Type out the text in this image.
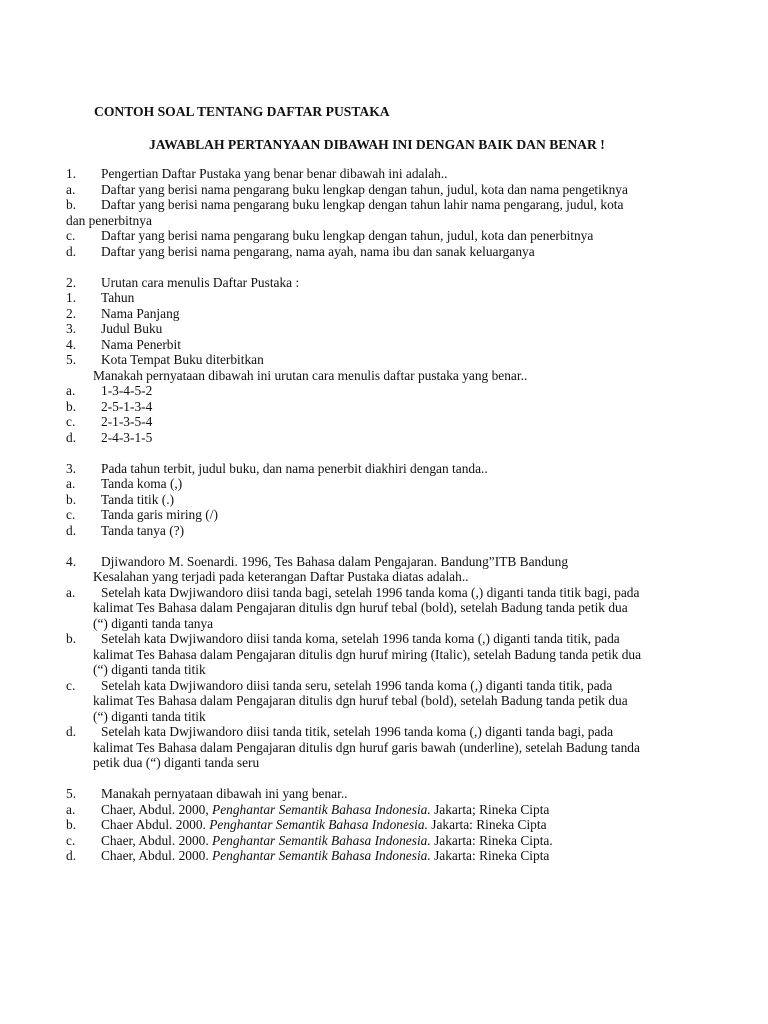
CONTOH SOAL TENTANG DAFTAR PUSTAKA
JAWABLAH PERTANYAAN DIBAWAH INI DENGAN BAIK DAN BENAR !
1.	Pengertian Daftar Pustaka yang benar benar dibawah ini adalah..
a.	Daftar yang berisi nama pengarang buku lengkap dengan tahun, judul, kota dan nama pengetiknya
b.	Daftar yang berisi nama pengarang buku lengkap dengan tahun lahir nama pengarang, judul, kota
dan penerbitnya
c.	Daftar yang berisi nama pengarang buku lengkap dengan tahun, judul, kota dan penerbitnya
d.	Daftar yang berisi nama pengarang, nama ayah, nama ibu dan sanak keluarganya
2.	Urutan cara menulis Daftar Pustaka :
1.	Tahun
2.	Nama Panjang
3.	Judul Buku
4.	Nama Penerbit
5.	Kota Tempat Buku diterbitkan
Manakah pernyataan dibawah ini urutan cara menulis daftar pustaka yang benar..
a.	1-3-4-5-2
b.	2-5-1-3-4
c.	2-1-3-5-4
d.	2-4-3-1-5
3.	Pada tahun terbit, judul buku, dan nama penerbit diakhiri dengan tanda..
a.	Tanda koma (,)
b.	Tanda titik (.)
c.	Tanda garis miring (/)
d.	Tanda tanya (?)
4.	Djiwandoro M. Soenardi. 1996, Tes Bahasa dalam Pengajaran. Bandung”ITB Bandung
Kesalahan yang terjadi pada keterangan Daftar Pustaka diatas adalah..
a.	Setelah kata Dwjiwandoro diisi tanda bagi, setelah 1996 tanda koma (,) diganti tanda titik bagi, pada
kalimat Tes Bahasa dalam Pengajaran ditulis dgn huruf tebal (bold), setelah Badung tanda petik dua
(“) diganti tanda tanya
b.	Setelah kata Dwjiwandoro diisi tanda koma, setelah 1996 tanda koma (,) diganti tanda titik, pada
kalimat Tes Bahasa dalam Pengajaran ditulis dgn huruf miring (Italic), setelah Badung tanda petik dua
(“) diganti tanda titik
c.	Setelah kata Dwjiwandoro diisi tanda seru, setelah 1996 tanda koma (,) diganti tanda titik, pada
kalimat Tes Bahasa dalam Pengajaran ditulis dgn huruf tebal (bold), setelah Badung tanda petik dua
(“) diganti tanda titik
d.	Setelah kata Dwjiwandoro diisi tanda titik, setelah 1996 tanda koma (,) diganti tanda bagi, pada
kalimat Tes Bahasa dalam Pengajaran ditulis dgn huruf garis bawah (underline), setelah Badung tanda
petik dua (“) diganti tanda seru
5.	Manakah pernyataan dibawah ini yang benar..
a.	Chaer, Abdul. 2000, Penghantar Semantik Bahasa Indonesia. Jakarta; Rineka Cipta
b.	Chaer Abdul. 2000. Penghantar Semantik Bahasa Indonesia. Jakarta: Rineka Cipta
c.	Chaer, Abdul. 2000. Penghantar Semantik Bahasa Indonesia. Jakarta: Rineka Cipta.
d.	Chaer, Abdul. 2000. Penghantar Semantik Bahasa Indonesia. Jakarta: Rineka Cipta
